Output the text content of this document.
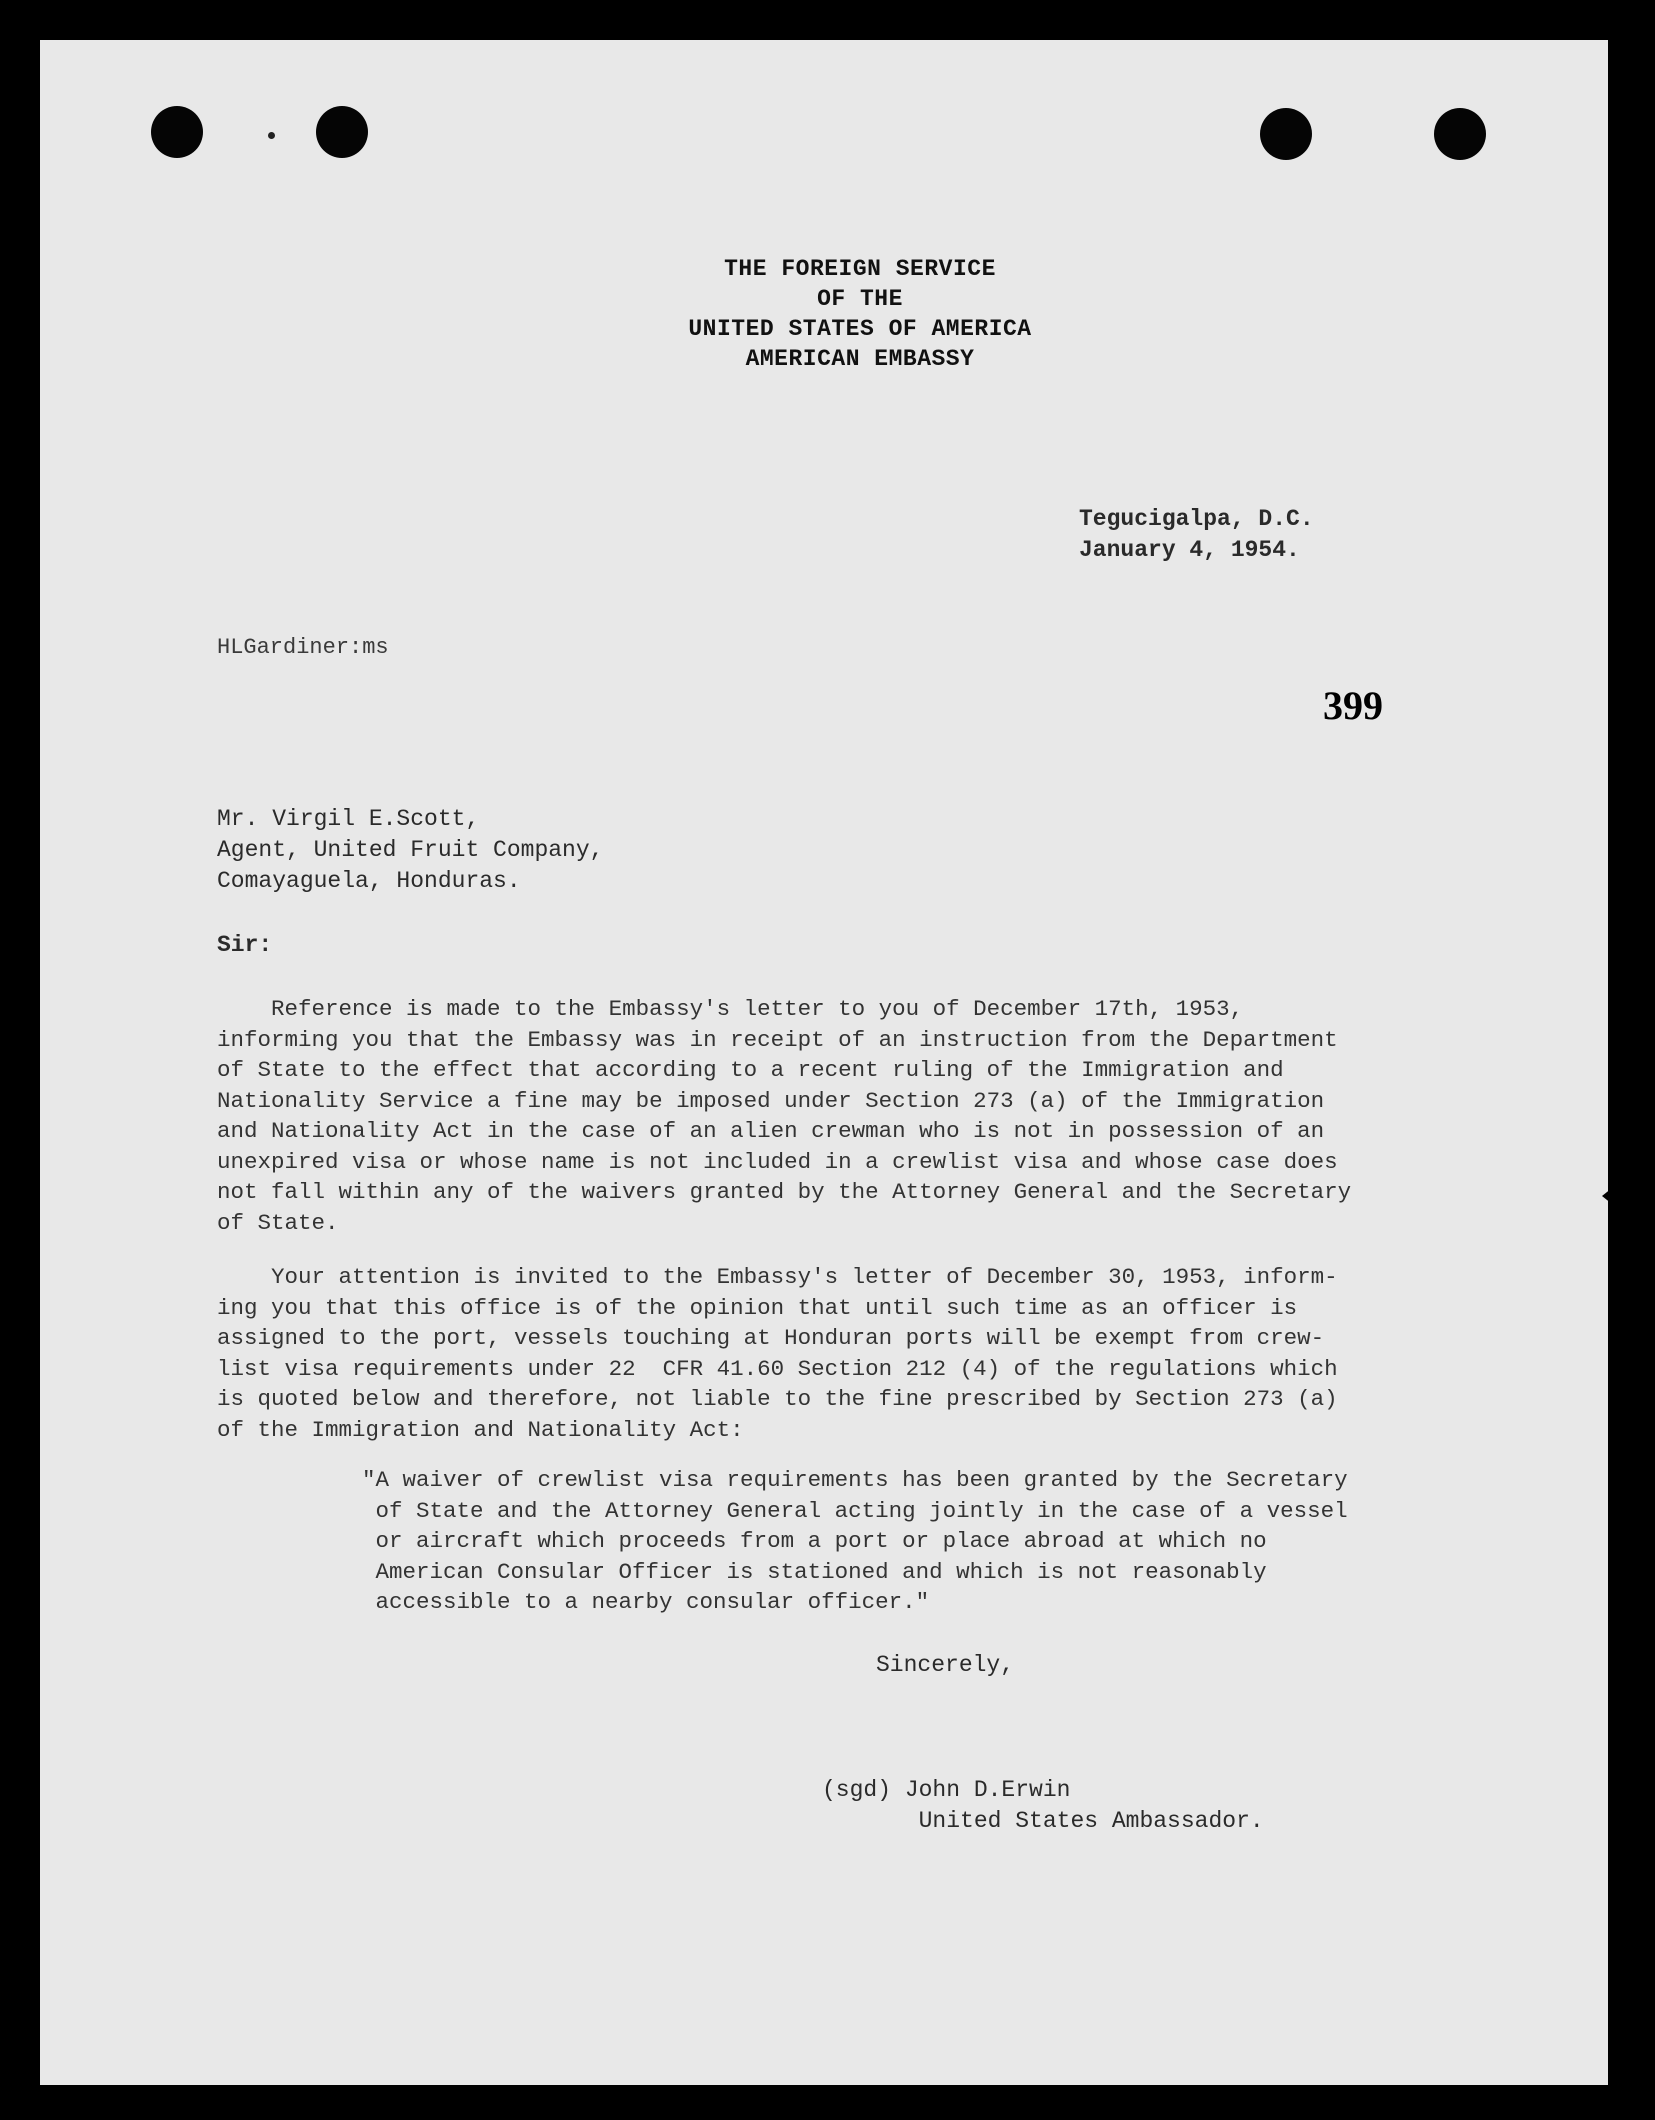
THE FOREIGN SERVICE
OF THE
UNITED STATES OF AMERICA
AMERICAN EMBASSY
Tegucigalpa, D.C.
January 4, 1954.
HLGardiner:ms
399
Mr. Virgil E.Scott,
Agent, United Fruit Company,
Comayaguela, Honduras.
Sir:
Reference is made to the Embassy's letter to you of December 17th, 1953,
informing you that the Embassy was in receipt of an instruction from the Department
of State to the effect that according to a recent ruling of the Immigration and
Nationality Service a fine may be imposed under Section 273 (a) of the Immigration
and Nationality Act in the case of an alien crewman who is not in possession of an
unexpired visa or whose name is not included in a crewlist visa and whose case does
not fall within any of the waivers granted by the Attorney General and the Secretary
of State.
Your attention is invited to the Embassy's letter of December 30, 1953, inform-
ing you that this office is of the opinion that until such time as an officer is
assigned to the port, vessels touching at Honduran ports will be exempt from crew-
list visa requirements under 22  CFR 41.60 Section 212 (4) of the regulations which
is quoted below and therefore, not liable to the fine prescribed by Section 273 (a)
of the Immigration and Nationality Act:
"A waiver of crewlist visa requirements has been granted by the Secretary
of State and the Attorney General acting jointly in the case of a vessel
or aircraft which proceeds from a port or place abroad at which no
American Consular Officer is stationed and which is not reasonably
accessible to a nearby consular officer."
Sincerely,
(sgd) John D.Erwin
United States Ambassador.
